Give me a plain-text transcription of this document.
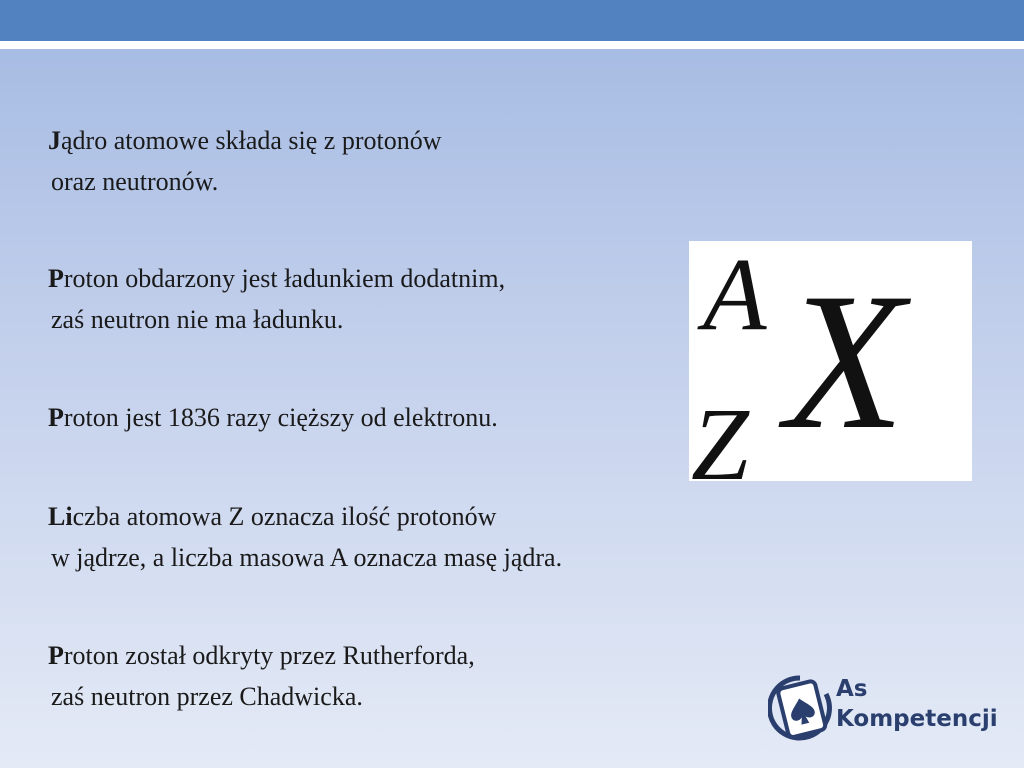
Jądro atomowe składa się z protonów
oraz neutronów.

Proton obdarzony jest ładunkiem dodatnim,
zaś neutron nie ma ładunku.

Proton jest 1836 razy cięższy od elektronu.

Liczba atomowa Z oznacza ilość protonów
w jądrze, a liczba masowa A oznacza masę jądra.

Proton został odkryty przez Rutherforda,
zaś neutron przez Chadwicka.

A
Z X
As
Kompetencji
